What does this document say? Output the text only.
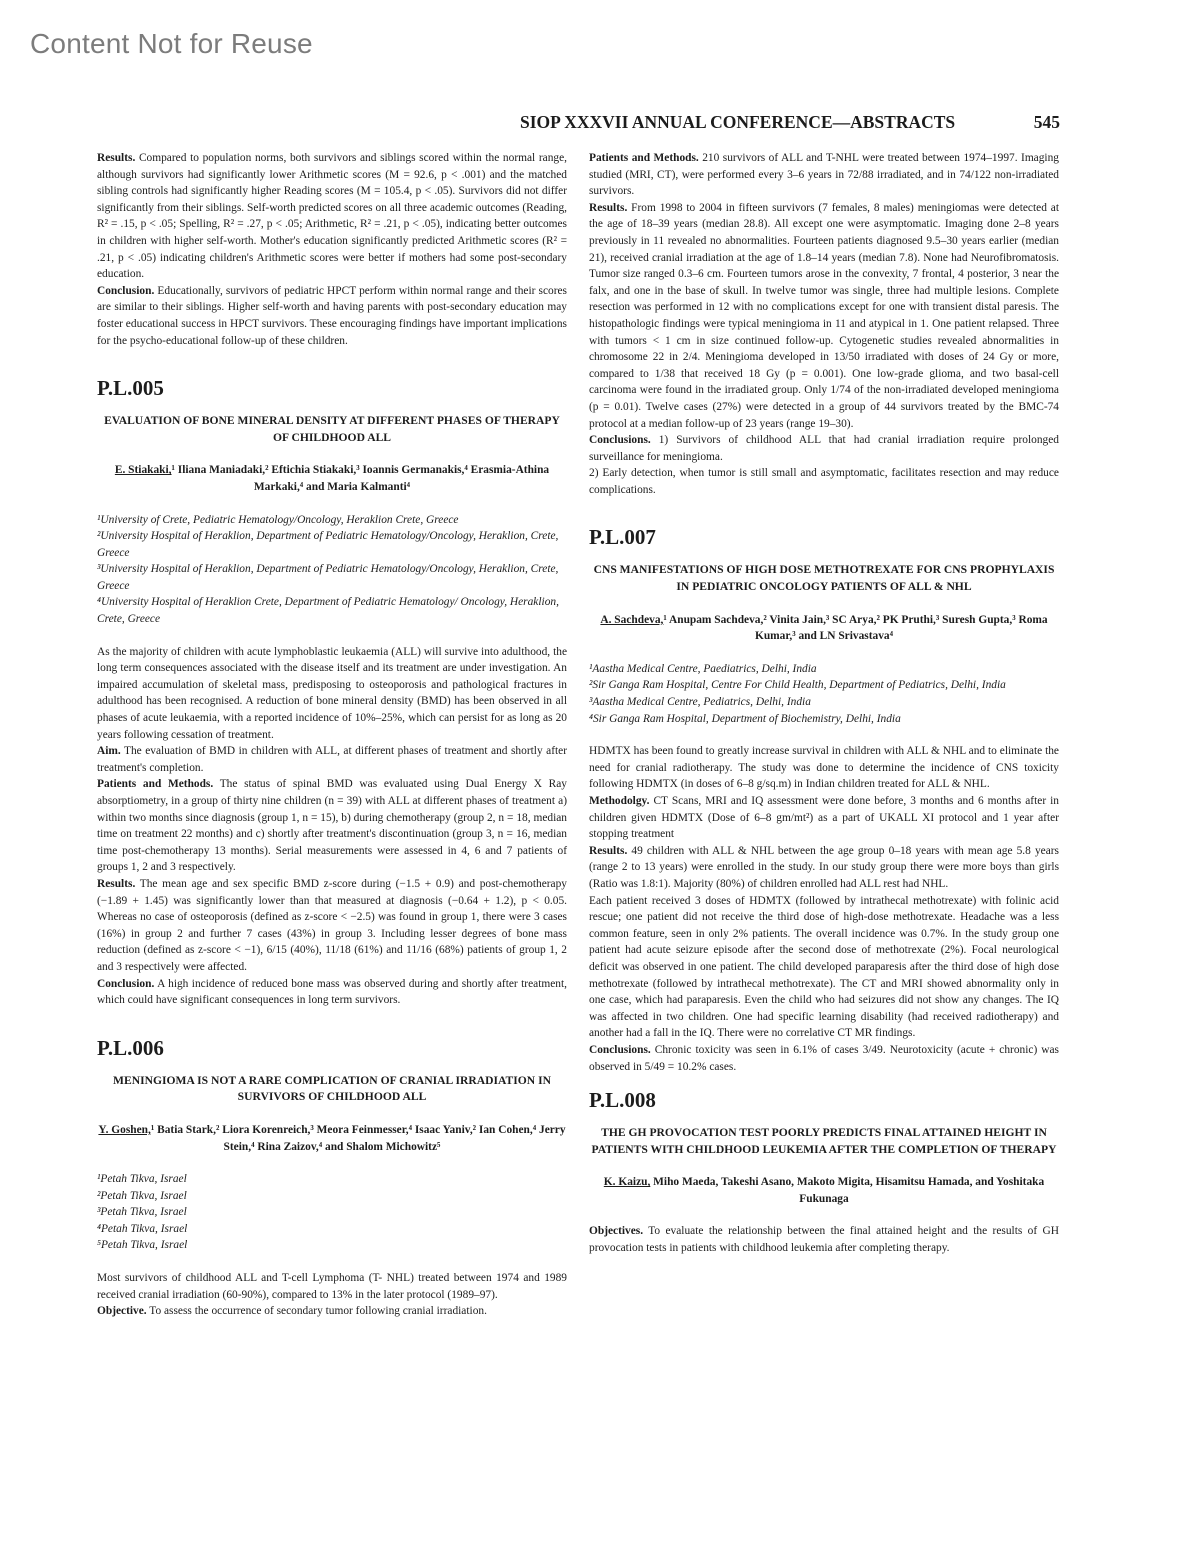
Content Not for Reuse
SIOP XXXVII ANNUAL CONFERENCE—ABSTRACTS	545

Results. Compared to population norms, both survivors and siblings scored within the normal range, although survivors had significantly lower Arithmetic scores (M = 92.6, p < .001) and the matched sibling controls had significantly higher Reading scores (M = 105.4, p < .05). Survivors did not differ significantly from their siblings. Self-worth predicted scores on all three academic outcomes (Reading, R² = .15, p < .05; Spelling, R² = .27, p < .05; Arithmetic, R² = .21, p < .05), indicating better outcomes in children with higher self-worth. Mother's education significantly predicted Arithmetic scores (R² = .21, p < .05) indicating children's Arithmetic scores were better if mothers had some post-secondary education.

Conclusion. Educationally, survivors of pediatric HPCT perform within normal range and their scores are similar to their siblings. Higher self-worth and having parents with post-secondary education may foster educational success in HPCT survivors. These encouraging findings have important implications for the psycho-educational follow-up of these children.

P.L.005
EVALUATION OF BONE MINERAL DENSITY AT DIFFERENT PHASES OF THERAPY OF CHILDHOOD ALL
E. Stiakaki,¹ Iliana Maniadaki,² Eftichia Stiakaki,³ Ioannis Germanakis,⁴ Erasmia-Athina Markaki,⁴ and Maria Kalmanti⁴

¹University of Crete, Pediatric Hematology/Oncology, Heraklion Crete, Greece

²University Hospital of Heraklion, Department of Pediatric Hematology/Oncology, Heraklion, Crete, Greece

³University Hospital of Heraklion, Department of Pediatric Hematology/Oncology, Heraklion, Crete, Greece

⁴University Hospital of Heraklion Crete, Department of Pediatric Hematology/ Oncology, Heraklion, Crete, Greece

As the majority of children with acute lymphoblastic leukaemia (ALL) will survive into adulthood, the long term consequences associated with the disease itself and its treatment are under investigation. An impaired accumulation of skeletal mass, predisposing to osteoporosis and pathological fractures in adulthood has been recognised. A reduction of bone mineral density (BMD) has been observed in all phases of acute leukaemia, with a reported incidence of 10%–25%, which can persist for as long as 20 years following cessation of treatment.

Aim. The evaluation of BMD in children with ALL, at different phases of treatment and shortly after treatment's completion.

Patients and Methods. The status of spinal BMD was evaluated using Dual Energy X Ray absorptiometry, in a group of thirty nine children (n = 39) with ALL at different phases of treatment a) within two months since diagnosis (group 1, n = 15), b) during chemotherapy (group 2, n = 18, median time on treatment 22 months) and c) shortly after treatment's discontinuation (group 3, n = 16, median time post-chemotherapy 13 months). Serial measurements were assessed in 4, 6 and 7 patients of groups 1, 2 and 3 respectively.

Results. The mean age and sex specific BMD z-score during (−1.5 + 0.9) and post-chemotherapy (−1.89 + 1.45) was significantly lower than that measured at diagnosis (−0.64 + 1.2), p < 0.05. Whereas no case of osteoporosis (defined as z-score < −2.5) was found in group 1, there were 3 cases (16%) in group 2 and further 7 cases (43%) in group 3. Including lesser degrees of bone mass reduction (defined as z-score < −1), 6/15 (40%), 11/18 (61%) and 11/16 (68%) patients of group 1, 2 and 3 respectively were affected.

Conclusion. A high incidence of reduced bone mass was observed during and shortly after treatment, which could have significant consequences in long term survivors.

P.L.006
MENINGIOMA IS NOT A RARE COMPLICATION OF CRANIAL IRRADIATION IN SURVIVORS OF CHILDHOOD ALL
Y. Goshen,¹ Batia Stark,² Liora Korenreich,³ Meora Feinmesser,⁴ Isaac Yaniv,² Ian Cohen,⁴ Jerry Stein,⁴ Rina Zaizov,⁴ and Shalom Michowitz⁵

¹Petah Tikva, Israel

²Petah Tikva, Israel

³Petah Tikva, Israel

⁴Petah Tikva, Israel

⁵Petah Tikva, Israel

Most survivors of childhood ALL and T-cell Lymphoma (T- NHL) treated between 1974 and 1989 received cranial irradiation (60-90%), compared to 13% in the later protocol (1989–97).

Objective. To assess the occurrence of secondary tumor following cranial irradiation.

Patients and Methods. 210 survivors of ALL and T-NHL were treated between 1974–1997. Imaging studied (MRI, CT), were performed every 3–6 years in 72/88 irradiated, and in 74/122 non-irradiated survivors.

Results. From 1998 to 2004 in fifteen survivors (7 females, 8 males) meningiomas were detected at the age of 18–39 years (median 28.8). All except one were asymptomatic. Imaging done 2–8 years previously in 11 revealed no abnormalities. Fourteen patients diagnosed 9.5–30 years earlier (median 21), received cranial irradiation at the age of 1.8–14 years (median 7.8). None had Neurofibromatosis. Tumor size ranged 0.3–6 cm. Fourteen tumors arose in the convexity, 7 frontal, 4 posterior, 3 near the falx, and one in the base of skull. In twelve tumor was single, three had multiple lesions. Complete resection was performed in 12 with no complications except for one with transient distal paresis. The histopathologic findings were typical meningioma in 11 and atypical in 1. One patient relapsed. Three with tumors < 1 cm in size continued follow-up. Cytogenetic studies revealed abnormalities in chromosome 22 in 2/4. Meningioma developed in 13/50 irradiated with doses of 24 Gy or more, compared to 1/38 that received 18 Gy (p = 0.001). One low-grade glioma, and two basal-cell carcinoma were found in the irradiated group. Only 1/74 of the non-irradiated developed meningioma (p = 0.01). Twelve cases (27%) were detected in a group of 44 survivors treated by the BMC-74 protocol at a median follow-up of 23 years (range 19–30).

Conclusions. 1) Survivors of childhood ALL that had cranial irradiation require prolonged surveillance for meningioma.

2) Early detection, when tumor is still small and asymptomatic, facilitates resection and may reduce complications.

P.L.007
CNS MANIFESTATIONS OF HIGH DOSE METHOTREXATE FOR CNS PROPHYLAXIS IN PEDIATRIC ONCOLOGY PATIENTS OF ALL & NHL
A. Sachdeva,¹ Anupam Sachdeva,² Vinita Jain,³ SC Arya,² PK Pruthi,³ Suresh Gupta,³ Roma Kumar,³ and LN Srivastava⁴

¹Aastha Medical Centre, Paediatrics, Delhi, India

²Sir Ganga Ram Hospital, Centre For Child Health, Department of Pediatrics, Delhi, India

³Aastha Medical Centre, Pediatrics, Delhi, India

⁴Sir Ganga Ram Hospital, Department of Biochemistry, Delhi, India

HDMTX has been found to greatly increase survival in children with ALL & NHL and to eliminate the need for cranial radiotherapy. The study was done to determine the incidence of CNS toxicity following HDMTX (in doses of 6–8 g/sq.m) in Indian children treated for ALL & NHL.

Methodolgy. CT Scans, MRI and IQ assessment were done before, 3 months and 6 months after in children given HDMTX (Dose of 6–8 gm/mt²) as a part of UKALL XI protocol and 1 year after stopping treatment

Results. 49 children with ALL & NHL between the age group 0–18 years with mean age 5.8 years (range 2 to 13 years) were enrolled in the study. In our study group there were more boys than girls (Ratio was 1.8:1). Majority (80%) of children enrolled had ALL rest had NHL.

Each patient received 3 doses of HDMTX (followed by intrathecal methotrexate) with folinic acid rescue; one patient did not receive the third dose of high-dose methotrexate. Headache was a less common feature, seen in only 2% patients. The overall incidence was 0.7%. In the study group one patient had acute seizure episode after the second dose of methotrexate (2%). Focal neurological deficit was observed in one patient. The child developed paraparesis after the third dose of high dose methotrexate (followed by intrathecal methotrexate). The CT and MRI showed abnormality only in one case, which had paraparesis. Even the child who had seizures did not show any changes. The IQ was affected in two children. One had specific learning disability (had received radiotherapy) and another had a fall in the IQ. There were no correlative CT MR findings.

Conclusions. Chronic toxicity was seen in 6.1% of cases 3/49. Neurotoxicity (acute + chronic) was observed in 5/49 = 10.2% cases.

P.L.008
THE GH PROVOCATION TEST POORLY PREDICTS FINAL ATTAINED HEIGHT IN PATIENTS WITH CHILDHOOD LEUKEMIA AFTER THE COMPLETION OF THERAPY
K. Kaizu, Miho Maeda, Takeshi Asano, Makoto Migita, Hisamitsu Hamada, and Yoshitaka Fukunaga

Objectives. To evaluate the relationship between the final attained height and the results of GH provocation tests in patients with childhood leukemia after completing therapy.
